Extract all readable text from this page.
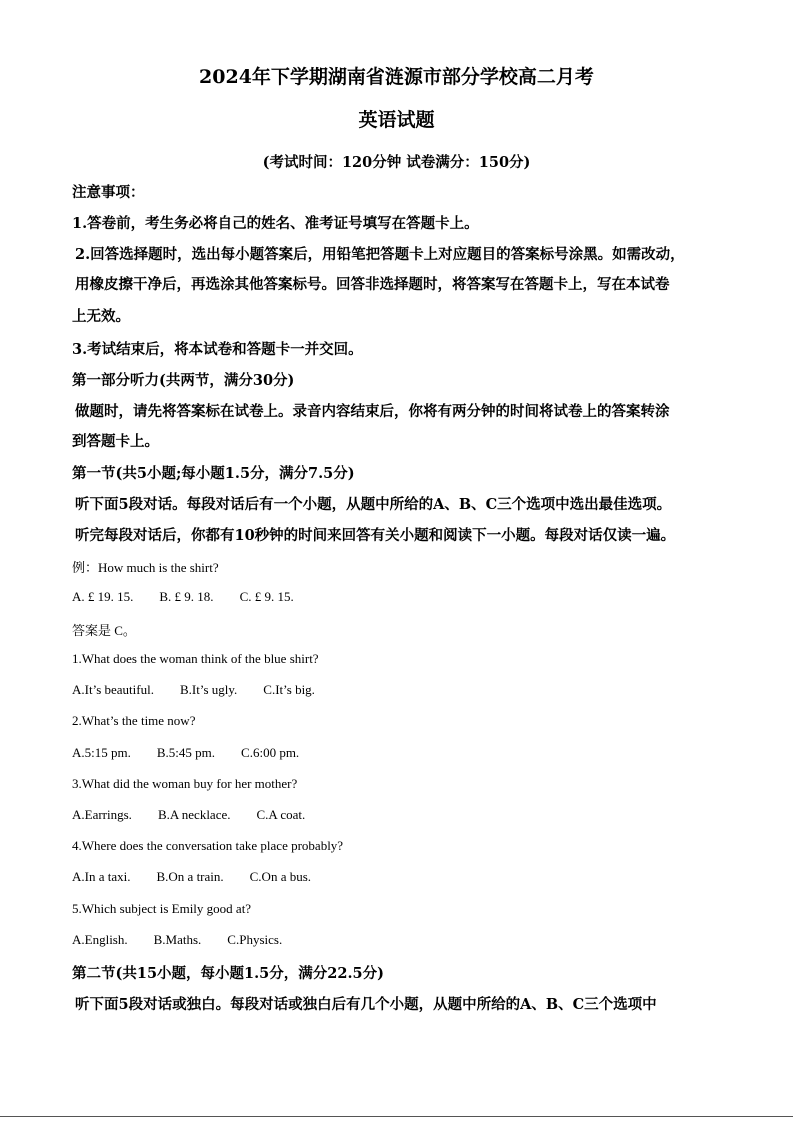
2024年下学期湖南省涟源市部分学校高二月考
英语试题
(考试时间：120分钟 试卷满分：150分)
注意事项：
1.答卷前，考生务必将自己的姓名、准考证号填写在答题卡上。
2.回答选择题时，选出每小题答案后，用铅笔把答题卡上对应题目的答案标号涂黑。如需改动，
用橡皮擦干净后，再选涂其他答案标号。回答非选择题时，将答案写在答题卡上，写在本试卷
上无效。
3.考试结束后，将本试卷和答题卡一并交回。
第一部分听力(共两节，满分30分)
做题时，请先将答案标在试卷上。录音内容结束后，你将有两分钟的时间将试卷上的答案转涂
到答题卡上。
第一节(共5小题;每小题1.5分，满分7.5分)
听下面5段对话。每段对话后有一个小题，从题中所给的A、B、C三个选项中选出最佳选项。
听完每段对话后，你都有10秒钟的时间来回答有关小题和阅读下一小题。每段对话仅读一遍。
例：How much is the shirt?
A. £ 19. 15. B. £ 9. 18. C. £ 9. 15.
答案是 C。
1.What does the woman think of the blue shirt?
A.It’s beautiful. B.It’s ugly. C.It’s big.
2.What’s the time now?
A.5:15 pm. B.5:45 pm. C.6:00 pm.
3.What did the woman buy for her mother?
A.Earrings. B.A necklace. C.A coat.
4.Where does the conversation take place probably?
A.In a taxi. B.On a train. C.On a bus.
5.Which subject is Emily good at?
A.English. B.Maths. C.Physics.
第二节(共15小题，每小题1.5分，满分22.5分)
听下面5段对话或独白。每段对话或独白后有几个小题，从题中所给的A、B、C三个选项中
